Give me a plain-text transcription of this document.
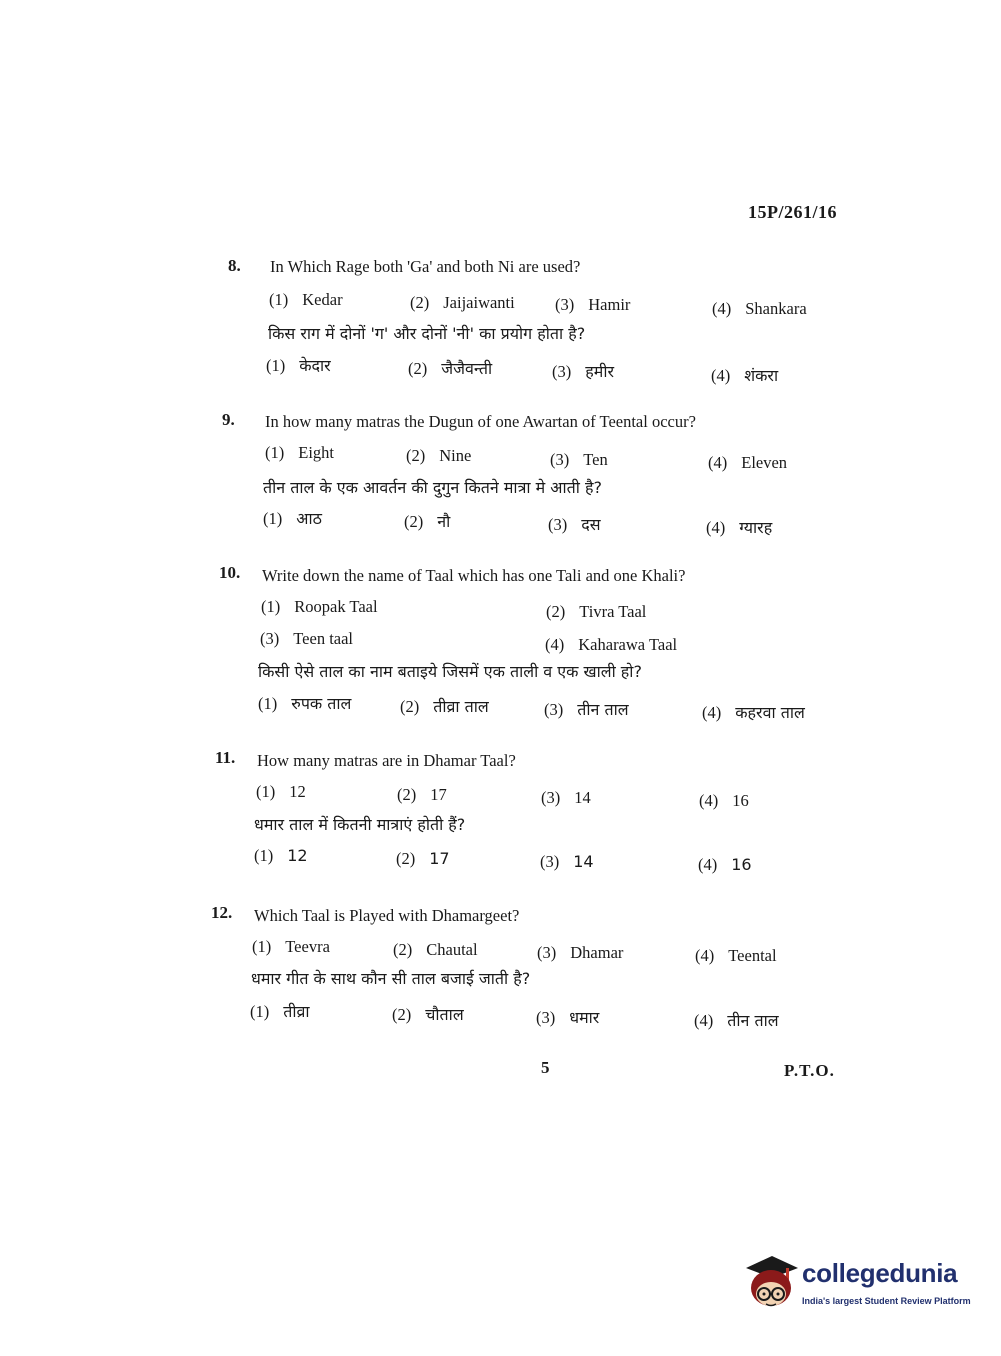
15P/261/16
8. In Which Rage both 'Ga' and both Ni are used?
(1) Kedar	(2) Jaijaiwanti (3) Hamir	(4) Shankara
किस राग में दोनों 'ग' और दोनों 'नी' का प्रयोग होता है?
(1) केदार	(2) जैजैवन्ती	(3) हमीर	(4) शंकरा
9. In how many matras the Dugun of one Awartan of Teental occur?
(1) Eight	(2) Nine	(3) Ten	(4) Eleven
तीन ताल के एक आवर्तन की दुगुन कितने मात्रा मे आती है?
(1) आठ	(2) नौ	(3) दस	(4) ग्यारह
10. Write down the name of Taal which has one Tali and one Khali?
(1) Roopak Taal	(2) Tivra Taal
(3) Teen taal	(4) Kaharawa Taal
किसी ऐसे ताल का नाम बताइये जिसमें एक ताली व एक खाली हो?
(1) रुपक ताल	(2) तीव्रा ताल	(3) तीन ताल	(4) कहरवा ताल
11. How many matras are in Dhamar Taal?
(1) 12	(2) 17	(3) 14	(4) 16
धमार ताल में कितनी मात्राएं होती हैं?
(1) 12	(2) 17	(3) 14	(4) 16
12. Which Taal is Played with Dhamargeet?
(1) Teevra	(2) Chautal	(3) Dhamar	(4) Teental
धमार गीत के साथ कौन सी ताल बजाई जाती है?
(1) तीव्रा	(2) चौताल	(3) धमार	(4) तीन ताल
5	P.T.O.
collegedunia
India's largest Student Review Platform
